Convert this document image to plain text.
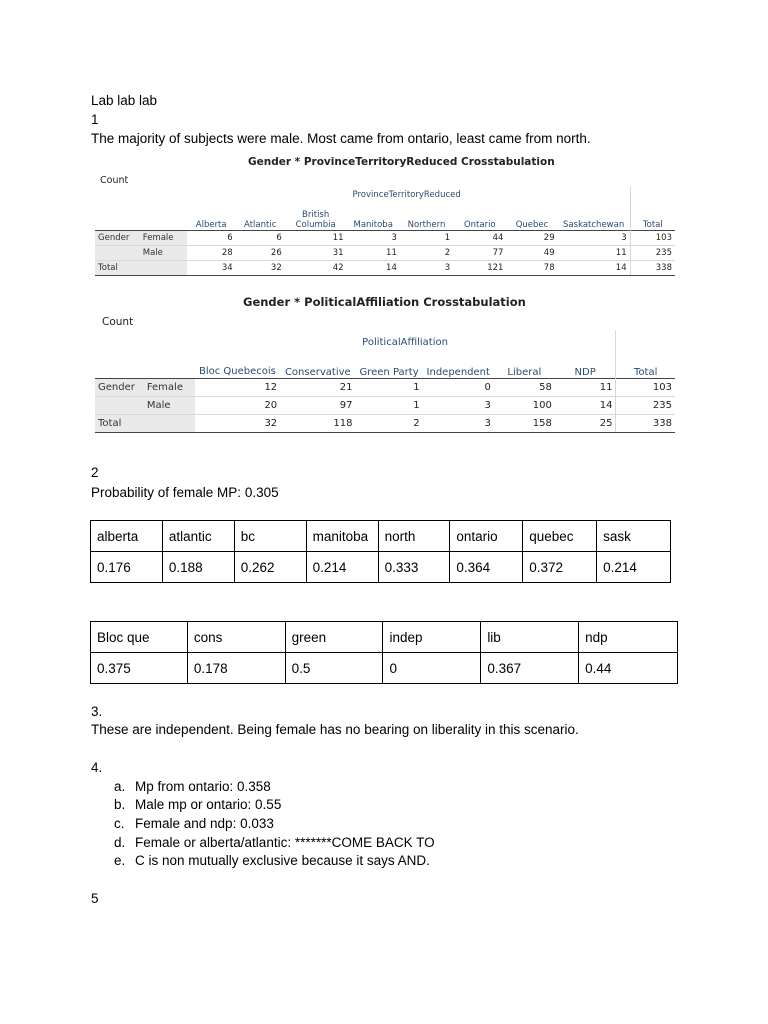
Lab lab lab
1
The majority of subjects were male. Most came from ontario, least came from north.
Gender * ProvinceTerritoryReduced Crosstabulation
Count
		ProvinceTerritoryReduced								
		Alberta	Atlantic	British Columbia	Manitoba	Northern	Ontario	Quebec	Saskatchewan	Total
Gender	Female	6	6	11	3	1	44	29	3	103
	Male	28	26	31	11	2	77	49	11	235
Total		34	32	42	14	3	121	78	14	338
Gender * PoliticalAffiliation Crosstabulation
Count
		PoliticalAffiliation						
		Bloc Quebecois	Conservative	Green Party	Independent	Liberal	NDP	Total
Gender	Female	12	21	1	0	58	11	103
	Male	20	97	1	3	100	14	235
Total		32	118	2	3	158	25	338
2
Probability of female MP: 0.305
alberta	atlantic	bc	manitoba	north	ontario	quebec	sask
0.176	0.188	0.262	0.214	0.333	0.364	0.372	0.214
Bloc que	cons	green	indep	lib	ndp
0.375	0.178	0.5	0	0.367	0.44
3.
These are independent. Being female has no bearing on liberality in this scenario.
4.
a. Mp from ontario: 0.358
b. Male mp or ontario: 0.55
c. Female and ndp: 0.033
d. Female or alberta/atlantic: *******COME BACK TO
e. C is non mutually exclusive because it says AND.
5
